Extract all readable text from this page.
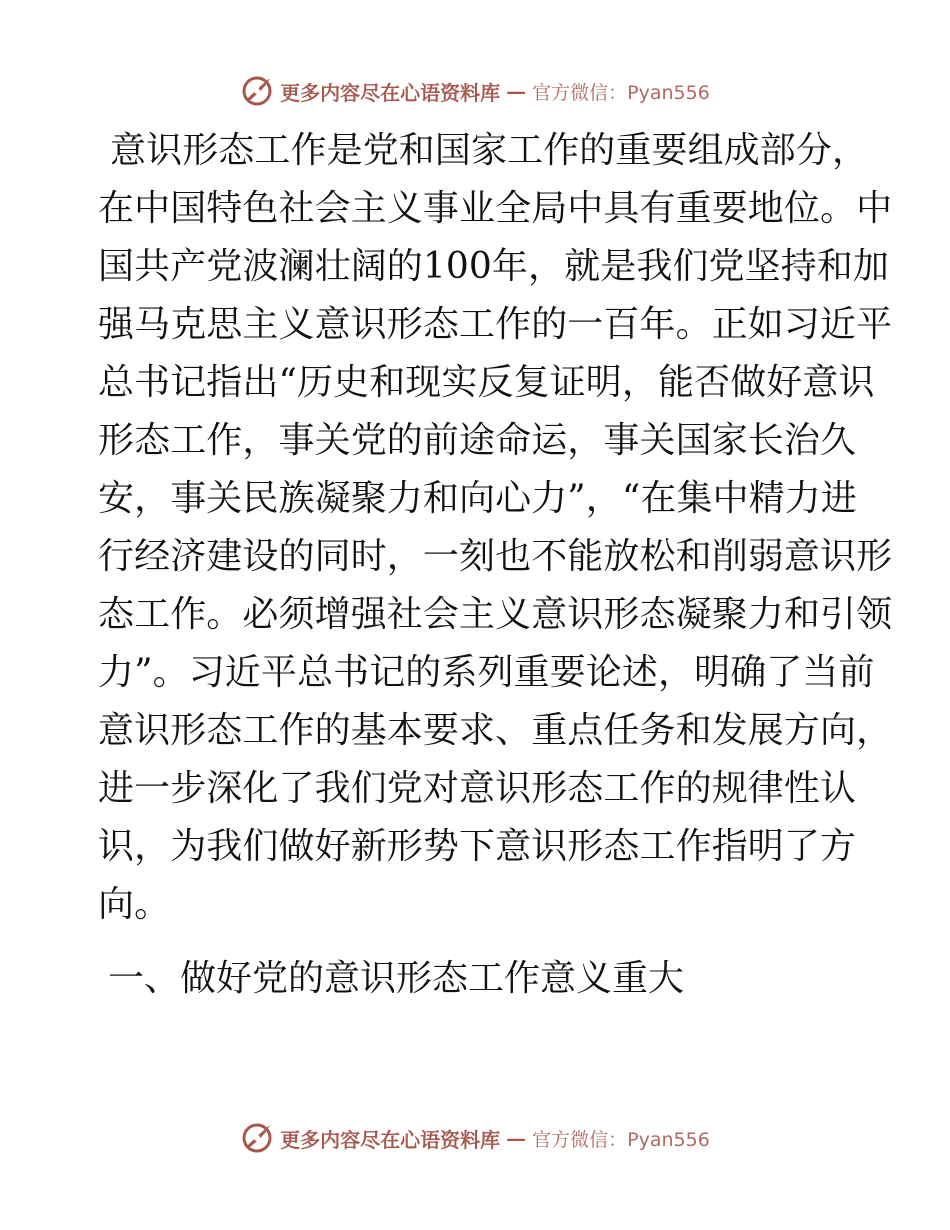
更多内容尽在心语资料库 — 官方微信：Pyan556
意识形态工作是党和国家工作的重要组成部分，
在中国特色社会主义事业全局中具有重要地位。中
国共产党波澜壮阔的100年，就是我们党坚持和加
强马克思主义意识形态工作的一百年。正如习近平
总书记指出“历史和现实反复证明，能否做好意识
形态工作，事关党的前途命运，事关国家长治久
安，事关民族凝聚力和向心力”，“在集中精力进
行经济建设的同时，一刻也不能放松和削弱意识形
态工作。必须增强社会主义意识形态凝聚力和引领
力”。习近平总书记的系列重要论述，明确了当前
意识形态工作的基本要求、重点任务和发展方向，
进一步深化了我们党对意识形态工作的规律性认
识，为我们做好新形势下意识形态工作指明了方
向。
一、做好党的意识形态工作意义重大
更多内容尽在心语资料库 — 官方微信：Pyan556
